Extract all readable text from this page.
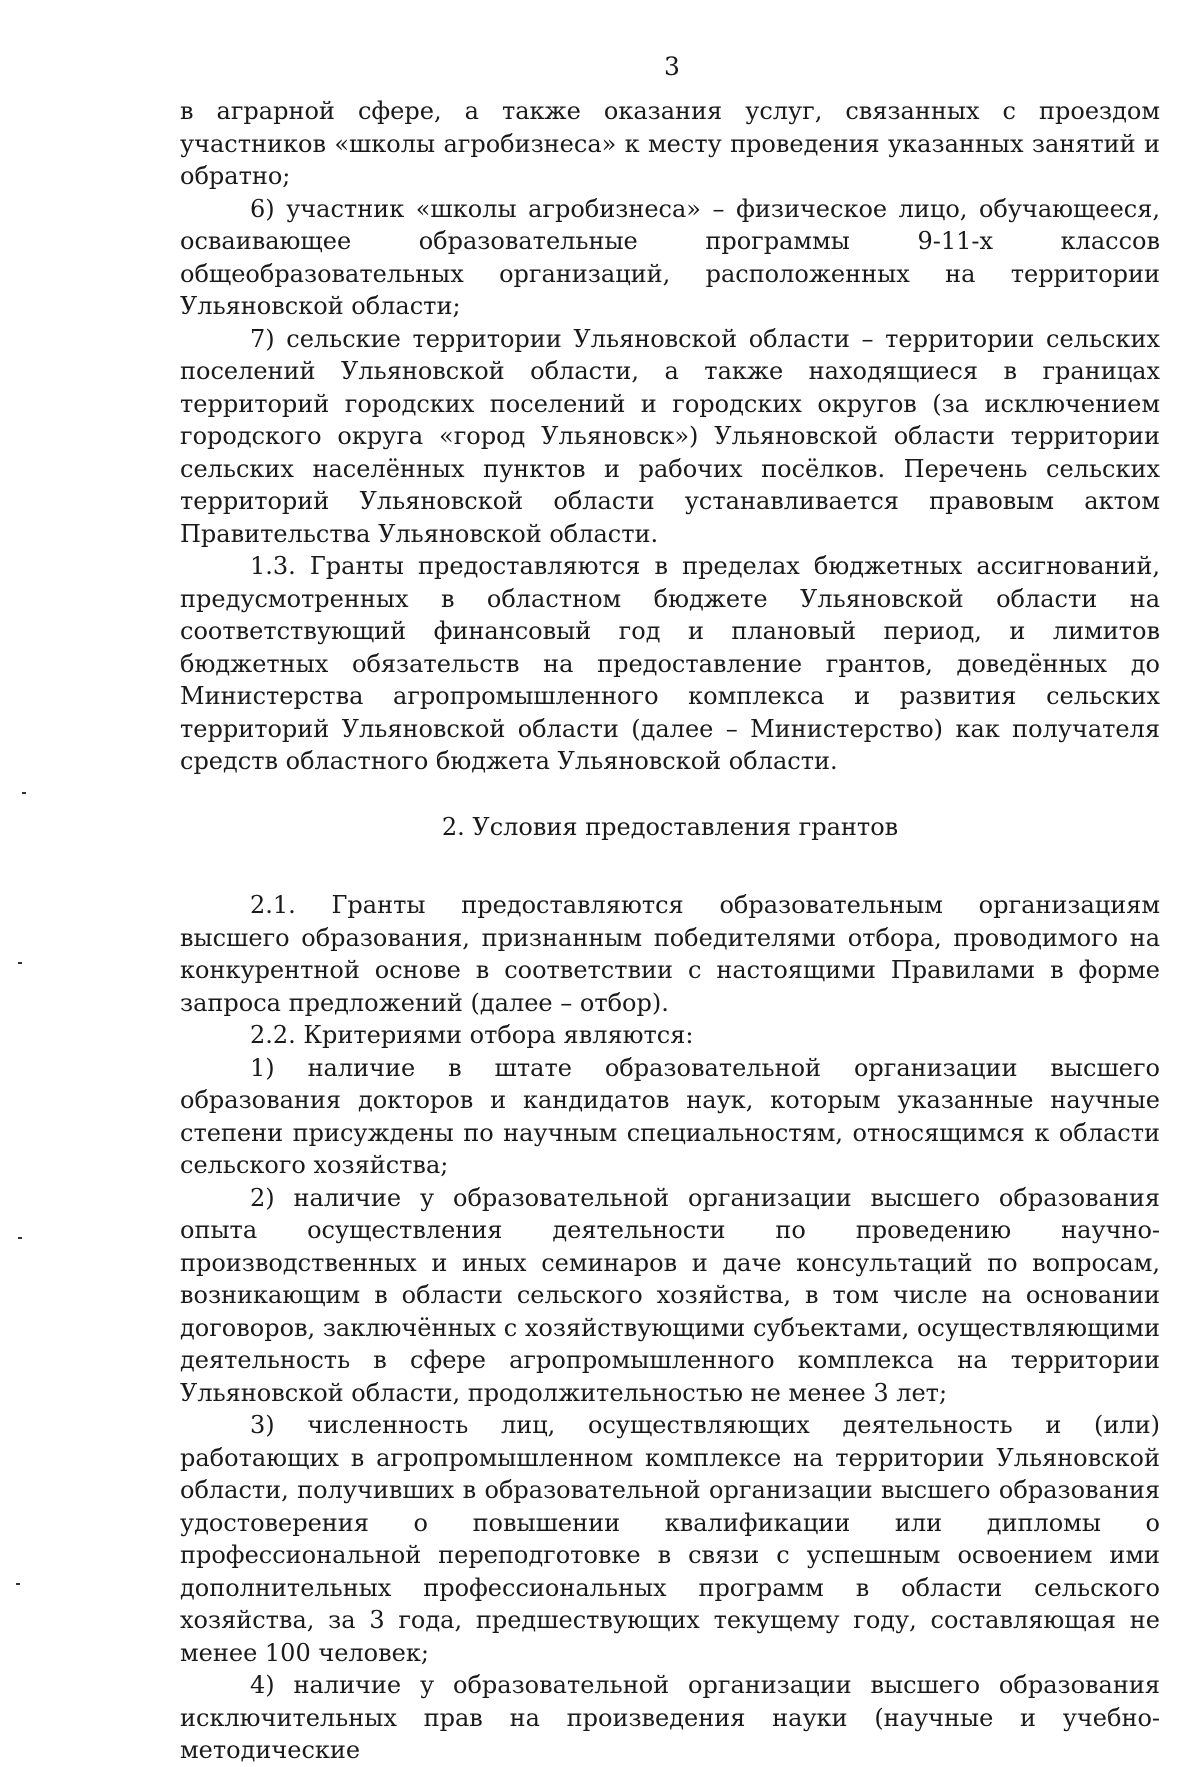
3

в аграрной сфере, а также оказания услуг, связанных с проездом участников «школы агробизнеса» к месту проведения указанных занятий и обратно;

6) участник «школы агробизнеса» – физическое лицо, обучающееся, осваивающее образовательные программы 9-11-х классов общеобразовательных организаций, расположенных на территории Ульяновской области;

7) сельские территории Ульяновской области – территории сельских поселений Ульяновской области, а также находящиеся в границах территорий городских поселений и городских округов (за исключением городского округа «город Ульяновск») Ульяновской области территории сельских населённых пунктов и рабочих посёлков. Перечень сельских территорий Ульяновской области устанавливается правовым актом Правительства Ульяновской области.

1.3. Гранты предоставляются в пределах бюджетных ассигнований, предусмотренных в областном бюджете Ульяновской области на соответствующий финансовый год и плановый период, и лимитов бюджетных обязательств на предоставление грантов, доведённых до Министерства агропромышленного комплекса и развития сельских территорий Ульяновской области (далее – Министерство) как получателя средств областного бюджета Ульяновской области.

2. Условия предоставления грантов

2.1. Гранты предоставляются образовательным организациям высшего образования, признанным победителями отбора, проводимого на конкурентной основе в соответствии с настоящими Правилами в форме запроса предложений (далее – отбор).

2.2. Критериями отбора являются:

1) наличие в штате образовательной организации высшего образования докторов и кандидатов наук, которым указанные научные степени присуждены по научным специальностям, относящимся к области сельского хозяйства;

2) наличие у образовательной организации высшего образования опыта осуществления деятельности по проведению научно-производственных и иных семинаров и даче консультаций по вопросам, возникающим в области сельского хозяйства, в том числе на основании договоров, заключённых с хозяйствующими субъектами, осуществляющими деятельность в сфере агропромышленного комплекса на территории Ульяновской области, продолжительностью не менее 3 лет;

3) численность лиц, осуществляющих деятельность и (или) работающих в агропромышленном комплексе на территории Ульяновской области, получивших в образовательной организации высшего образования удостоверения о повышении квалификации или дипломы о профессиональной переподготовке в связи с успешным освоением ими дополнительных профессиональных программ в области сельского хозяйства, за 3 года, предшествующих текущему году, составляющая не менее 100 человек;

4) наличие у образовательной организации высшего образования исключительных прав на произведения науки (научные и учебно-методические
